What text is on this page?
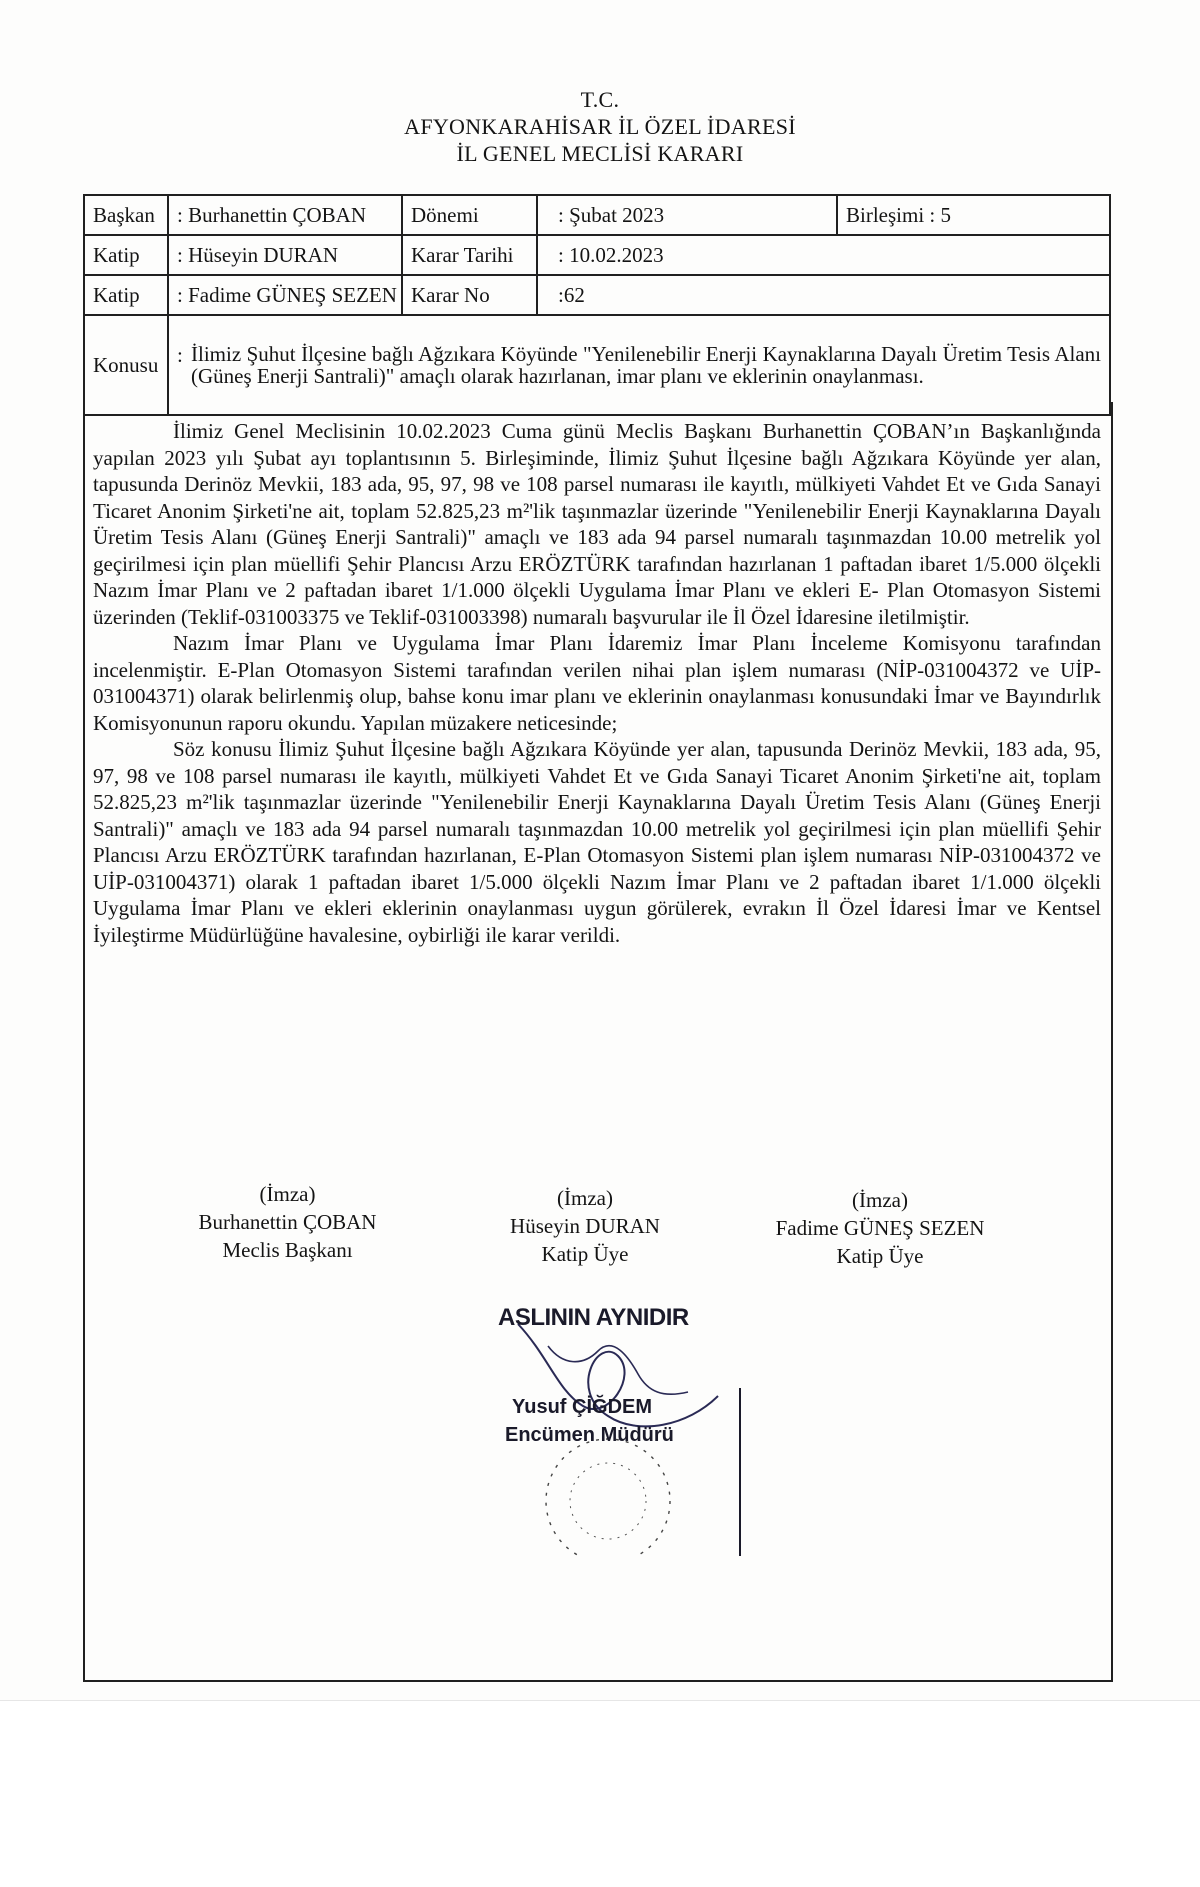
T.C.
AFYONKARAHİSAR İL ÖZEL İDARESİ
İL GENEL MECLİSİ KARARI
Başkan	: Burhanettin ÇOBAN	Dönemi	: Şubat 2023	Birleşimi : 5
Katip	: Hüseyin DURAN	Karar Tarihi	: 10.02.2023	
Katip	: Fadime GÜNEŞ SEZEN	Karar No	:62	
Konusu	: İlimiz Şuhut İlçesine bağlı Ağzıkara Köyünde "Yenilenebilir Enerji Kaynaklarına Dayalı Üretim Tesis Alanı (Güneş Enerji Santrali)" amaçlı olarak hazırlanan, imar planı ve eklerinin onaylanması.			

İlimiz Genel Meclisinin 10.02.2023 Cuma günü Meclis Başkanı Burhanettin ÇOBAN’ın Başkanlığında yapılan 2023 yılı Şubat ayı toplantısının 5. Birleşiminde, İlimiz Şuhut İlçesine bağlı Ağzıkara Köyünde yer alan, tapusunda Derinöz Mevkii, 183 ada, 95, 97, 98 ve 108 parsel numarası ile kayıtlı, mülkiyeti Vahdet Et ve Gıda Sanayi Ticaret Anonim Şirketi'ne ait, toplam 52.825,23 m²'lik taşınmazlar üzerinde "Yenilenebilir Enerji Kaynaklarına Dayalı Üretim Tesis Alanı (Güneş Enerji Santrali)" amaçlı ve 183 ada 94 parsel numaralı taşınmazdan 10.00 metrelik yol geçirilmesi için plan müellifi Şehir Plancısı Arzu ERÖZTÜRK tarafından hazırlanan 1 paftadan ibaret 1/5.000 ölçekli Nazım İmar Planı ve 2 paftadan ibaret 1/1.000 ölçekli Uygulama İmar Planı ve ekleri E- Plan Otomasyon Sistemi üzerinden (Teklif-031003375 ve Teklif-031003398) numaralı başvurular ile İl Özel İdaresine iletilmiştir.

Nazım İmar Planı ve Uygulama İmar Planı İdaremiz İmar Planı İnceleme Komisyonu tarafından incelenmiştir. E-Plan Otomasyon Sistemi tarafından verilen nihai plan işlem numarası (NİP-031004372 ve UİP-031004371) olarak belirlenmiş olup, bahse konu imar planı ve eklerinin onaylanması konusundaki İmar ve Bayındırlık Komisyonunun raporu okundu. Yapılan müzakere neticesinde;

Söz konusu İlimiz Şuhut İlçesine bağlı Ağzıkara Köyünde yer alan, tapusunda Derinöz Mevkii, 183 ada, 95, 97, 98 ve 108 parsel numarası ile kayıtlı, mülkiyeti Vahdet Et ve Gıda Sanayi Ticaret Anonim Şirketi'ne ait, toplam 52.825,23 m²'lik taşınmazlar üzerinde "Yenilenebilir Enerji Kaynaklarına Dayalı Üretim Tesis Alanı (Güneş Enerji Santrali)" amaçlı ve 183 ada 94 parsel numaralı taşınmazdan 10.00 metrelik yol geçirilmesi için plan müellifi Şehir Plancısı Arzu ERÖZTÜRK tarafından hazırlanan, E-Plan Otomasyon Sistemi plan işlem numarası NİP-031004372 ve UİP-031004371) olarak 1 paftadan ibaret 1/5.000 ölçekli Nazım İmar Planı ve 2 paftadan ibaret 1/1.000 ölçekli Uygulama İmar Planı ve ekleri eklerinin onaylanması uygun görülerek, evrakın İl Özel İdaresi İmar ve Kentsel İyileştirme Müdürlüğüne havalesine, oybirliği ile karar verildi.

(İmza)
Burhanettin ÇOBAN
Meclis Başkanı
(İmza)
Hüseyin DURAN
Katip Üye
(İmza)
Fadime GÜNEŞ SEZEN
Katip Üye
ASLININ AYNIDIR
Yusuf ÇİĞDEM
Encümen Müdürü
